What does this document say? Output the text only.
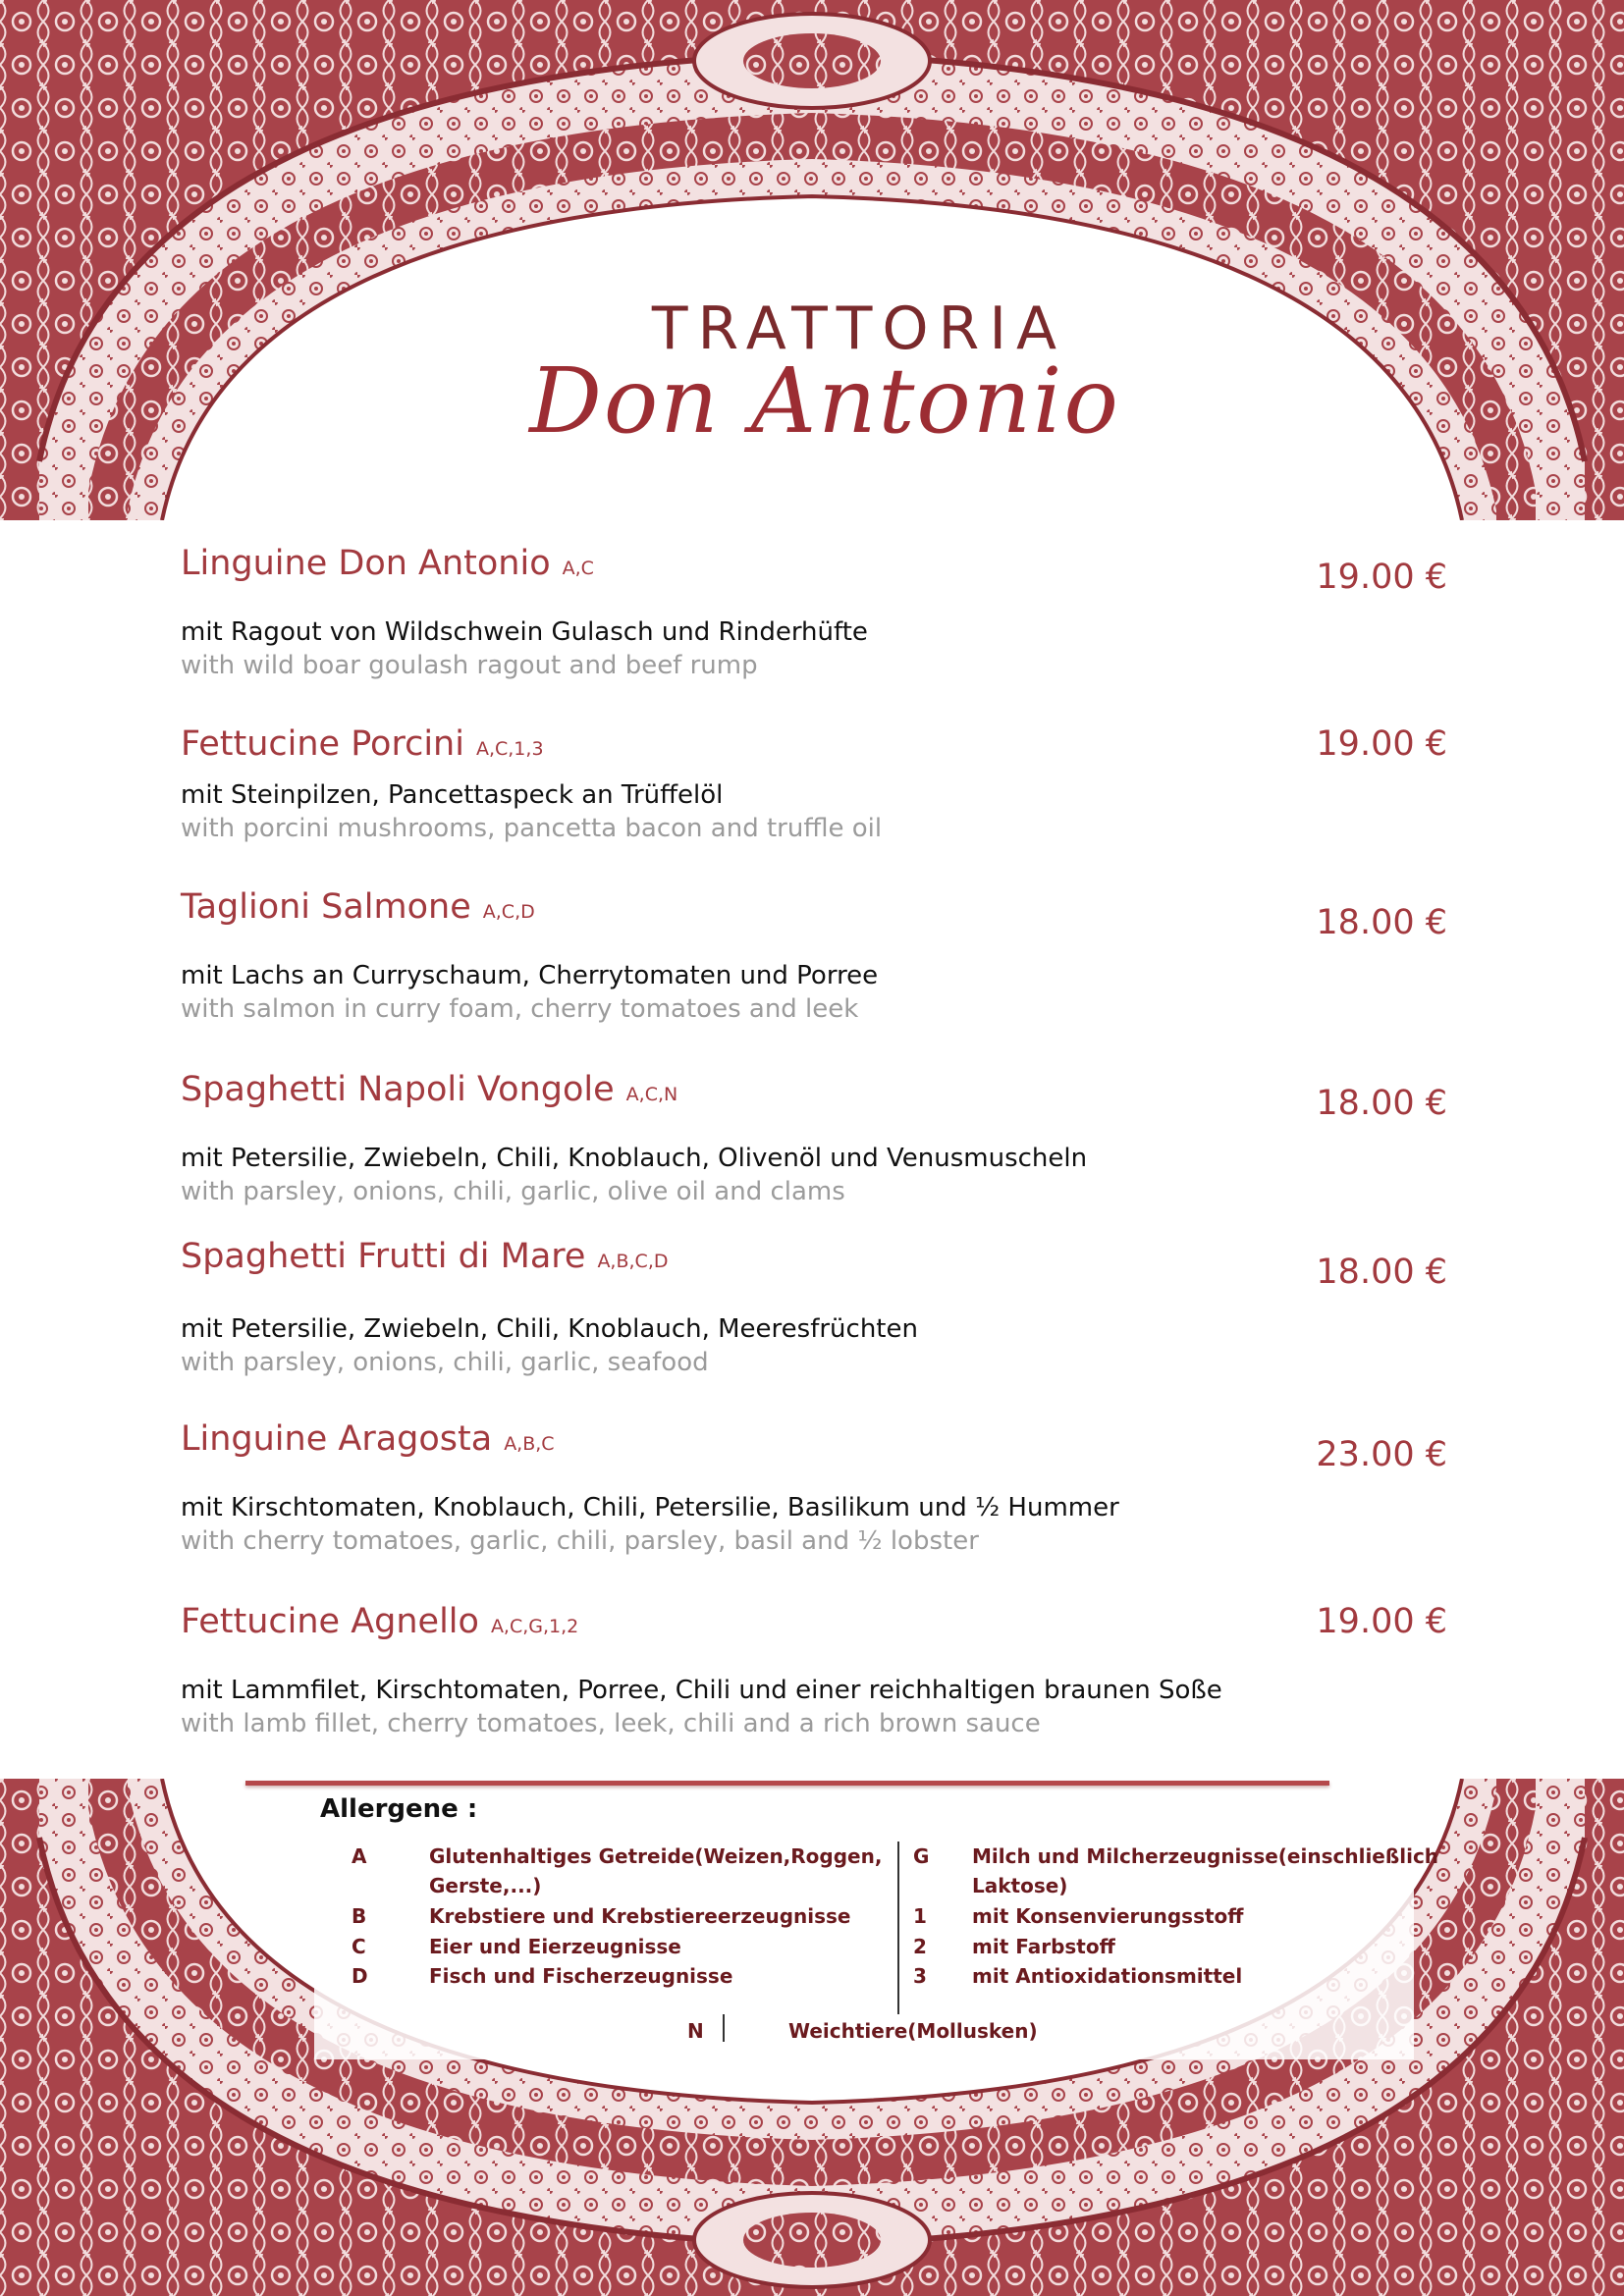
TRATTORIA
Don Antonio
Linguine Don Antonio A,C	19.00 €
mit Ragout von Wildschwein Gulasch und Rinderhüfte
with wild boar goulash ragout and beef rump
Fettucine Porcini A,C,1,3	19.00 €
mit Steinpilzen, Pancettaspeck an Trüffelöl
with porcini mushrooms, pancetta bacon and truffle oil
Taglioni Salmone A,C,D	18.00 €
mit Lachs an Curryschaum, Cherrytomaten und Porree
with salmon in curry foam, cherry tomatoes and leek
Spaghetti Napoli Vongole A,C,N	18.00 €
mit Petersilie, Zwiebeln, Chili, Knoblauch, Olivenöl und Venusmuscheln
with parsley, onions, chili, garlic, olive oil and clams
Spaghetti Frutti di Mare A,B,C,D	18.00 €
mit Petersilie, Zwiebeln, Chili, Knoblauch, Meeresfrüchten
with parsley, onions, chili, garlic, seafood
Linguine Aragosta A,B,C	23.00 €
mit Kirschtomaten, Knoblauch, Chili, Petersilie, Basilikum und ½ Hummer
with cherry tomatoes, garlic, chili, parsley, basil and ½ lobster
Fettucine Agnello A,C,G,1,2	19.00 €
mit Lammfilet, Kirschtomaten, Porree, Chili und einer reichhaltigen braunen Soße
with lamb fillet, cherry tomatoes, leek, chili and a rich brown sauce
Allergene :
A	Glutenhaltiges Getreide(Weizen,Roggen,
Gerste,...)
B	Krebstiere und Krebstiereerzeugnisse
C	Eier und Eierzeugnisse
D	Fisch und Fischerzeugnisse
G Milch und Milcherzeugnisse(einschließlich
Laktose)
1 mit Konsenvierungsstoff
2 mit Farbstoff
3 mit Antioxidationsmittel
N	Weichtiere(Mollusken)
